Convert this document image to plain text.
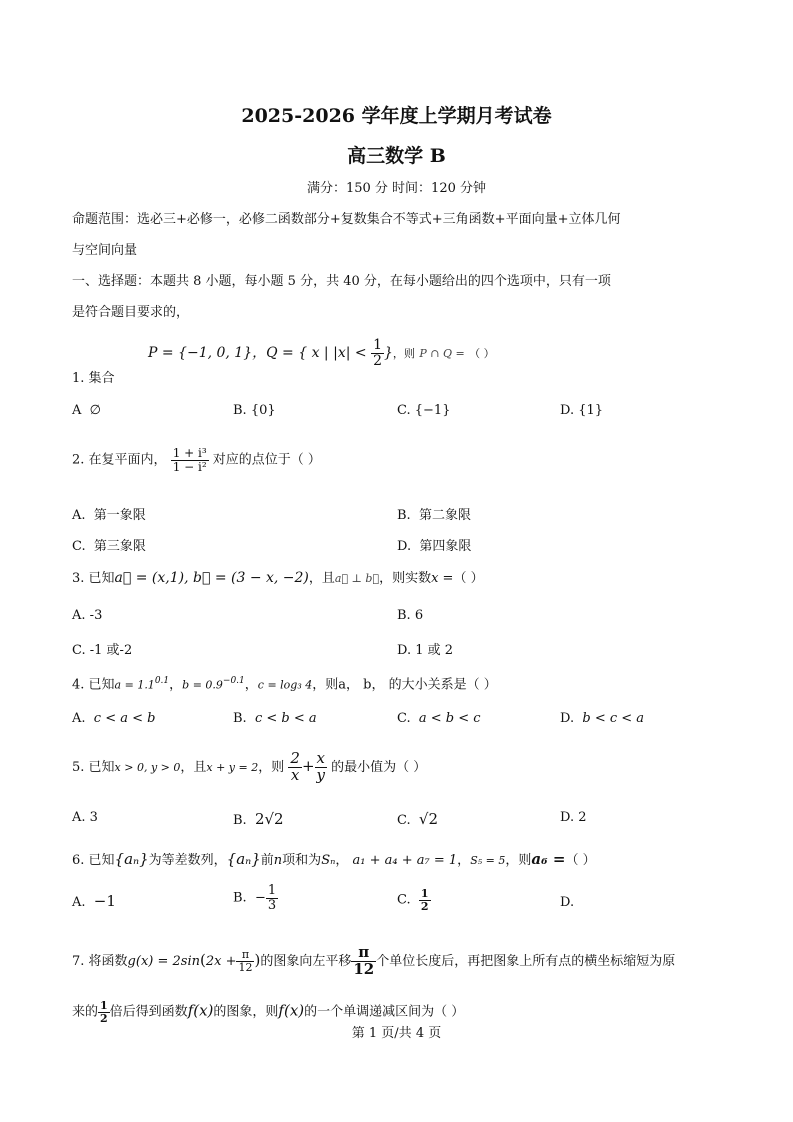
2025-2026 学年度上学期月考试卷
高三数学 B
满分：150 分 时间：120 分钟
命题范围：选必三+必修一，必修二函数部分+复数集合不等式+三角函数+平面向量+立体几何
与空间向量
一、选择题：本题共 8 小题，每小题 5 分，共 40 分，在每小题给出的四个选项中，只有一项
是符合题目要求的，
P = {−1, 0, 1}，Q = { x | $|x| < \frac{1}{2}$ }，则 P ∩ Q = （ ）
1. 集合
A ∅	B. {0}	C. {−1}	D. {1}
2. 在复平面内， $\frac{\text{1 + i³}}{\text{1 − i²}}$ 对应的点位于（ ）
A. 第一象限	B. 第二象限
C. 第三象限	D. 第四象限
3. 已知a⃗ = (x,1), b⃗ = (3 − x, −2)，且a⃗ ⊥ b⃗，则实数x =（ ）
A. -3	B. 6
C. -1 或-2	D. 1 或 2
4. 已知$a = 1.1^{0.1}$，$b = 0.9^{-0.1}$，c = log₃ 4，则a， b， 的大小关系是（ ）
A. c < a < b	B. c < b < a	C. a < b < c	D. b < c < a
5. 已知x > 0, y > 0，且x + y = 2，则 $\frac{2}{x} + \frac{x}{y}$ 的最小值为（ ）
A. 3	B. 2√2	C. √2	D. 2
6. 已知{aₙ}为等差数列，{aₙ}前n项和为Sₙ， a₁ + a₄ + a₇ = 1，S₅ = 5，则a₆ =（ ）
A. −1	B. − $\frac{1}{3}$	C. $\frac{1}{2}$	D.
7. 将函数$g(x) = 2\sin(2x + \frac{\pi}{12}$ )的图象向左平移 $\frac{\pi}{12}$ 个单位长度后，再把图象上所有点的横坐标缩短为原
来的 $\frac{1}{2}$ 倍后得到函数f(x)的图象，则f(x)的一个单调递减区间为（ ）
第 1 页/共 4 页
